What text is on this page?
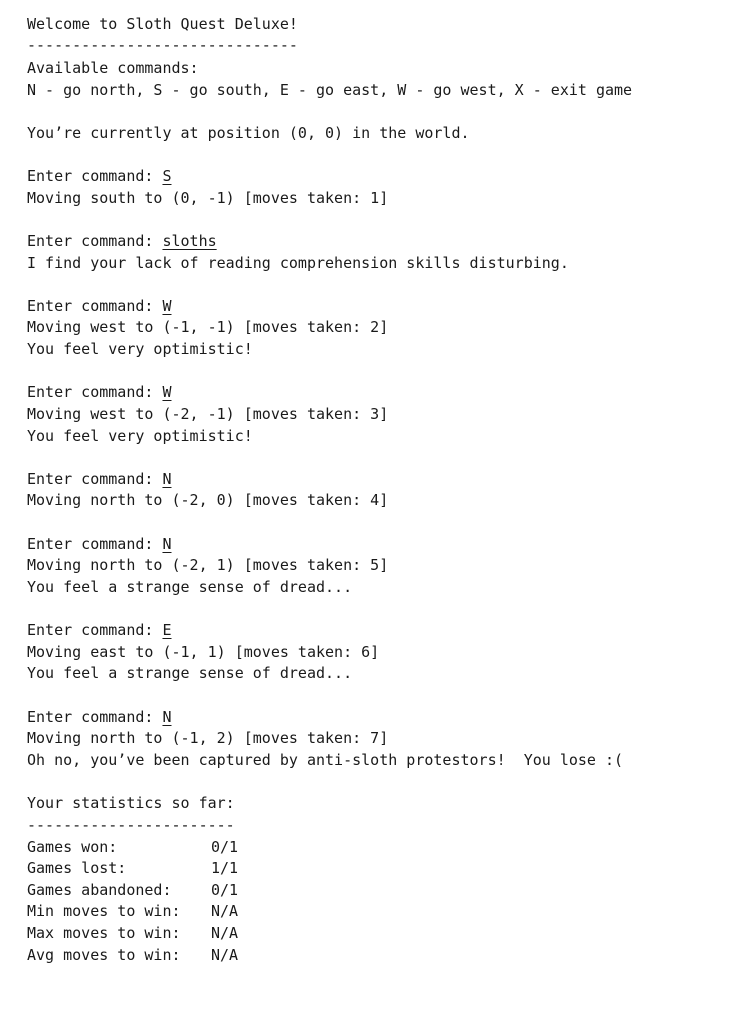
Welcome to Sloth Quest Deluxe!
------------------------------
Available commands:
N - go north, S - go south, E - go east, W - go west, X - exit game
You’re currently at position (0, 0) in the world.
Enter command: S
Moving south to (0, -1) [moves taken: 1]
Enter command: sloths
I find your lack of reading comprehension skills disturbing.
Enter command: W
Moving west to (-1, -1) [moves taken: 2]
You feel very optimistic!
Enter command: W
Moving west to (-2, -1) [moves taken: 3]
You feel very optimistic!
Enter command: N
Moving north to (-2, 0) [moves taken: 4]
Enter command: N
Moving north to (-2, 1) [moves taken: 5]
You feel a strange sense of dread...
Enter command: E
Moving east to (-1, 1) [moves taken: 6]
You feel a strange sense of dread...
Enter command: N
Moving north to (-1, 2) [moves taken: 7]
Oh no, you’ve been captured by anti-sloth protestors!  You lose :(
Your statistics so far:
-----------------------
Games won:	0/1
Games lost:	1/1
Games abandoned:	0/1
Min moves to win: N/A
Max moves to win: N/A
Avg moves to win: N/A
